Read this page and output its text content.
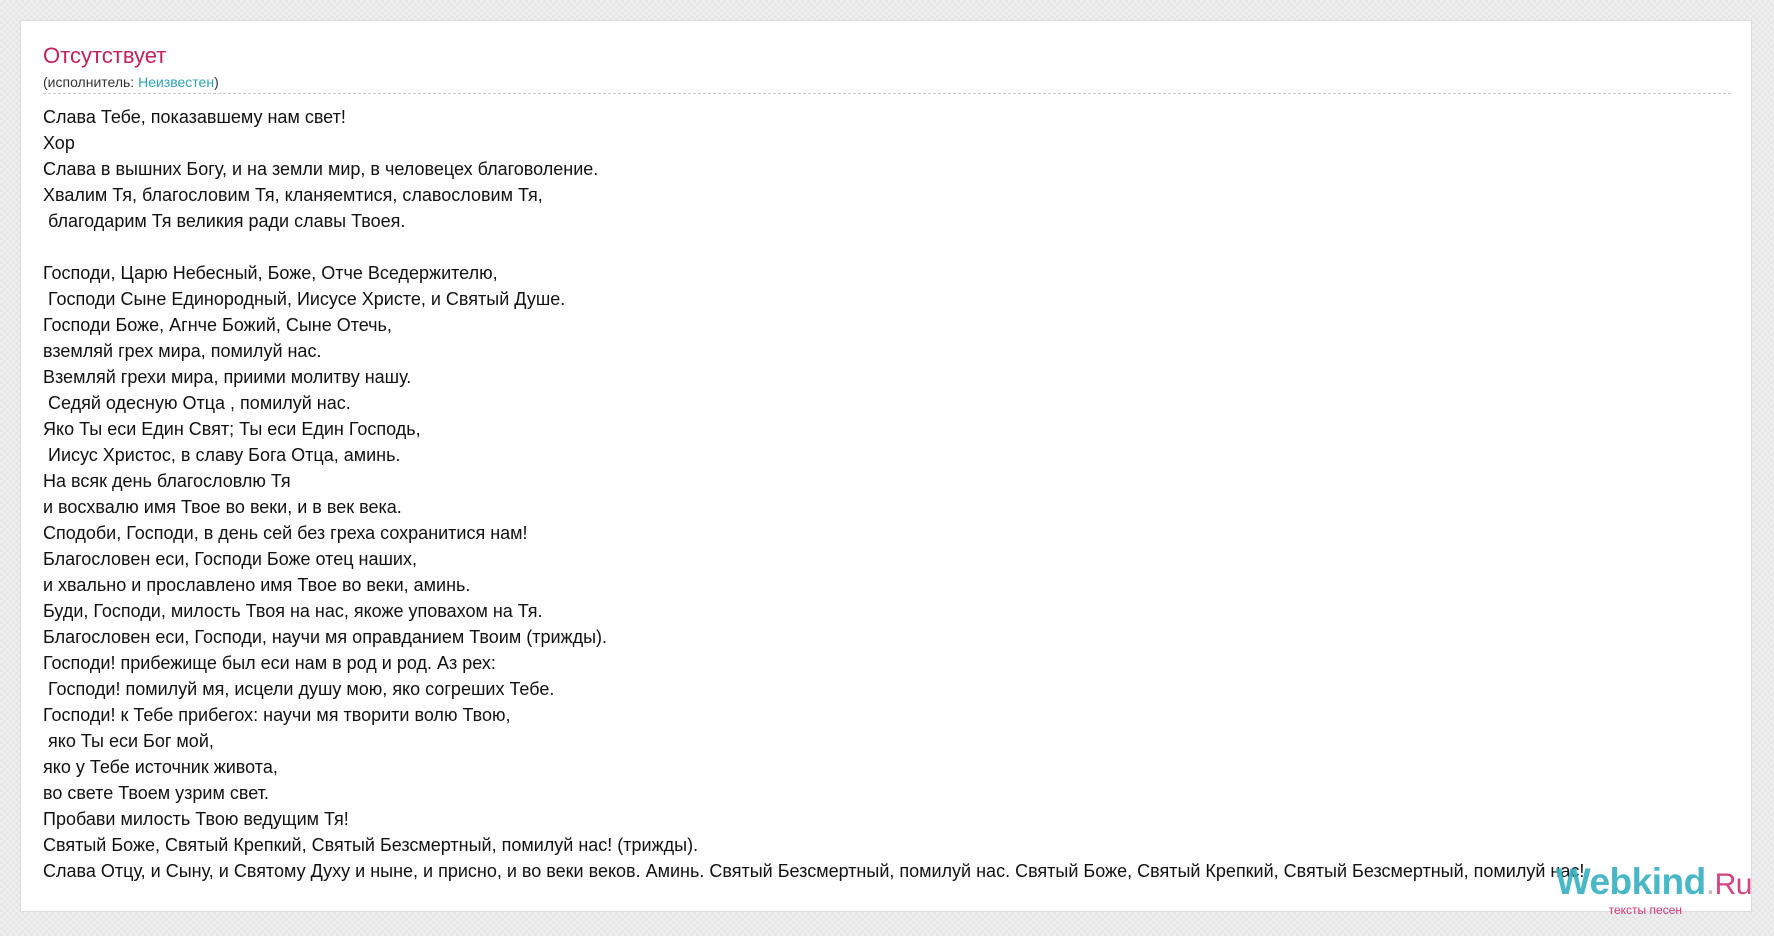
Отсутствует
(исполнитель: Неизвестен)
Слава Тебе, показавшему нам свет!
Хор
Слава в вышних Богу, и на земли мир, в человецех благоволение.
Хвалим Тя, благословим Тя, кланяемтися, славословим Тя,
благодарим Тя великия ради славы Твоея.
Господи, Царю Небесный, Боже, Отче Вседержителю,
Господи Сыне Единородный, Иисусе Христе, и Святый Душе.
Господи Боже, Агнче Божий, Сыне Отечь,
вземляй грех мира, помилуй нас.
Вземляй грехи мира, приими молитву нашу.
Седяй одесную Отца , помилуй нас.
Яко Ты еси Един Свят; Ты еси Един Господь,
Иисус Христос, в славу Бога Отца, аминь.
На всяк день благословлю Тя
и восхвалю имя Твое во веки, и в век века.
Сподоби, Господи, в день сей без греха сохранитися нам!
Благословен еси, Господи Боже отец наших,
и хвально и прославлено имя Твое во веки, аминь.
Буди, Господи, милость Твоя на нас, якоже уповахом на Тя.
Благословен еси, Господи, научи мя оправданием Твоим (трижды).
Господи! прибежище был еси нам в род и род. Аз рех:
Господи! помилуй мя, исцели душу мою, яко согреших Тебе.
Господи! к Тебе прибегох: научи мя творити волю Твою,
яко Ты еси Бог мой,
яко у Тебе источник живота,
во свете Твоем узрим свет.
Пробави милость Твою ведущим Тя!
Святый Боже, Святый Крепкий, Святый Безсмертный, помилуй нас! (трижды).
Слава Отцу, и Сыну, и Святому Духу и ныне, и присно, и во веки веков. Аминь. Святый Безсмертный, помилуй нас. Святый Боже, Святый Крепкий, Святый Безсмертный, помилуй нас!
Webkind.Ru
тексты песен
